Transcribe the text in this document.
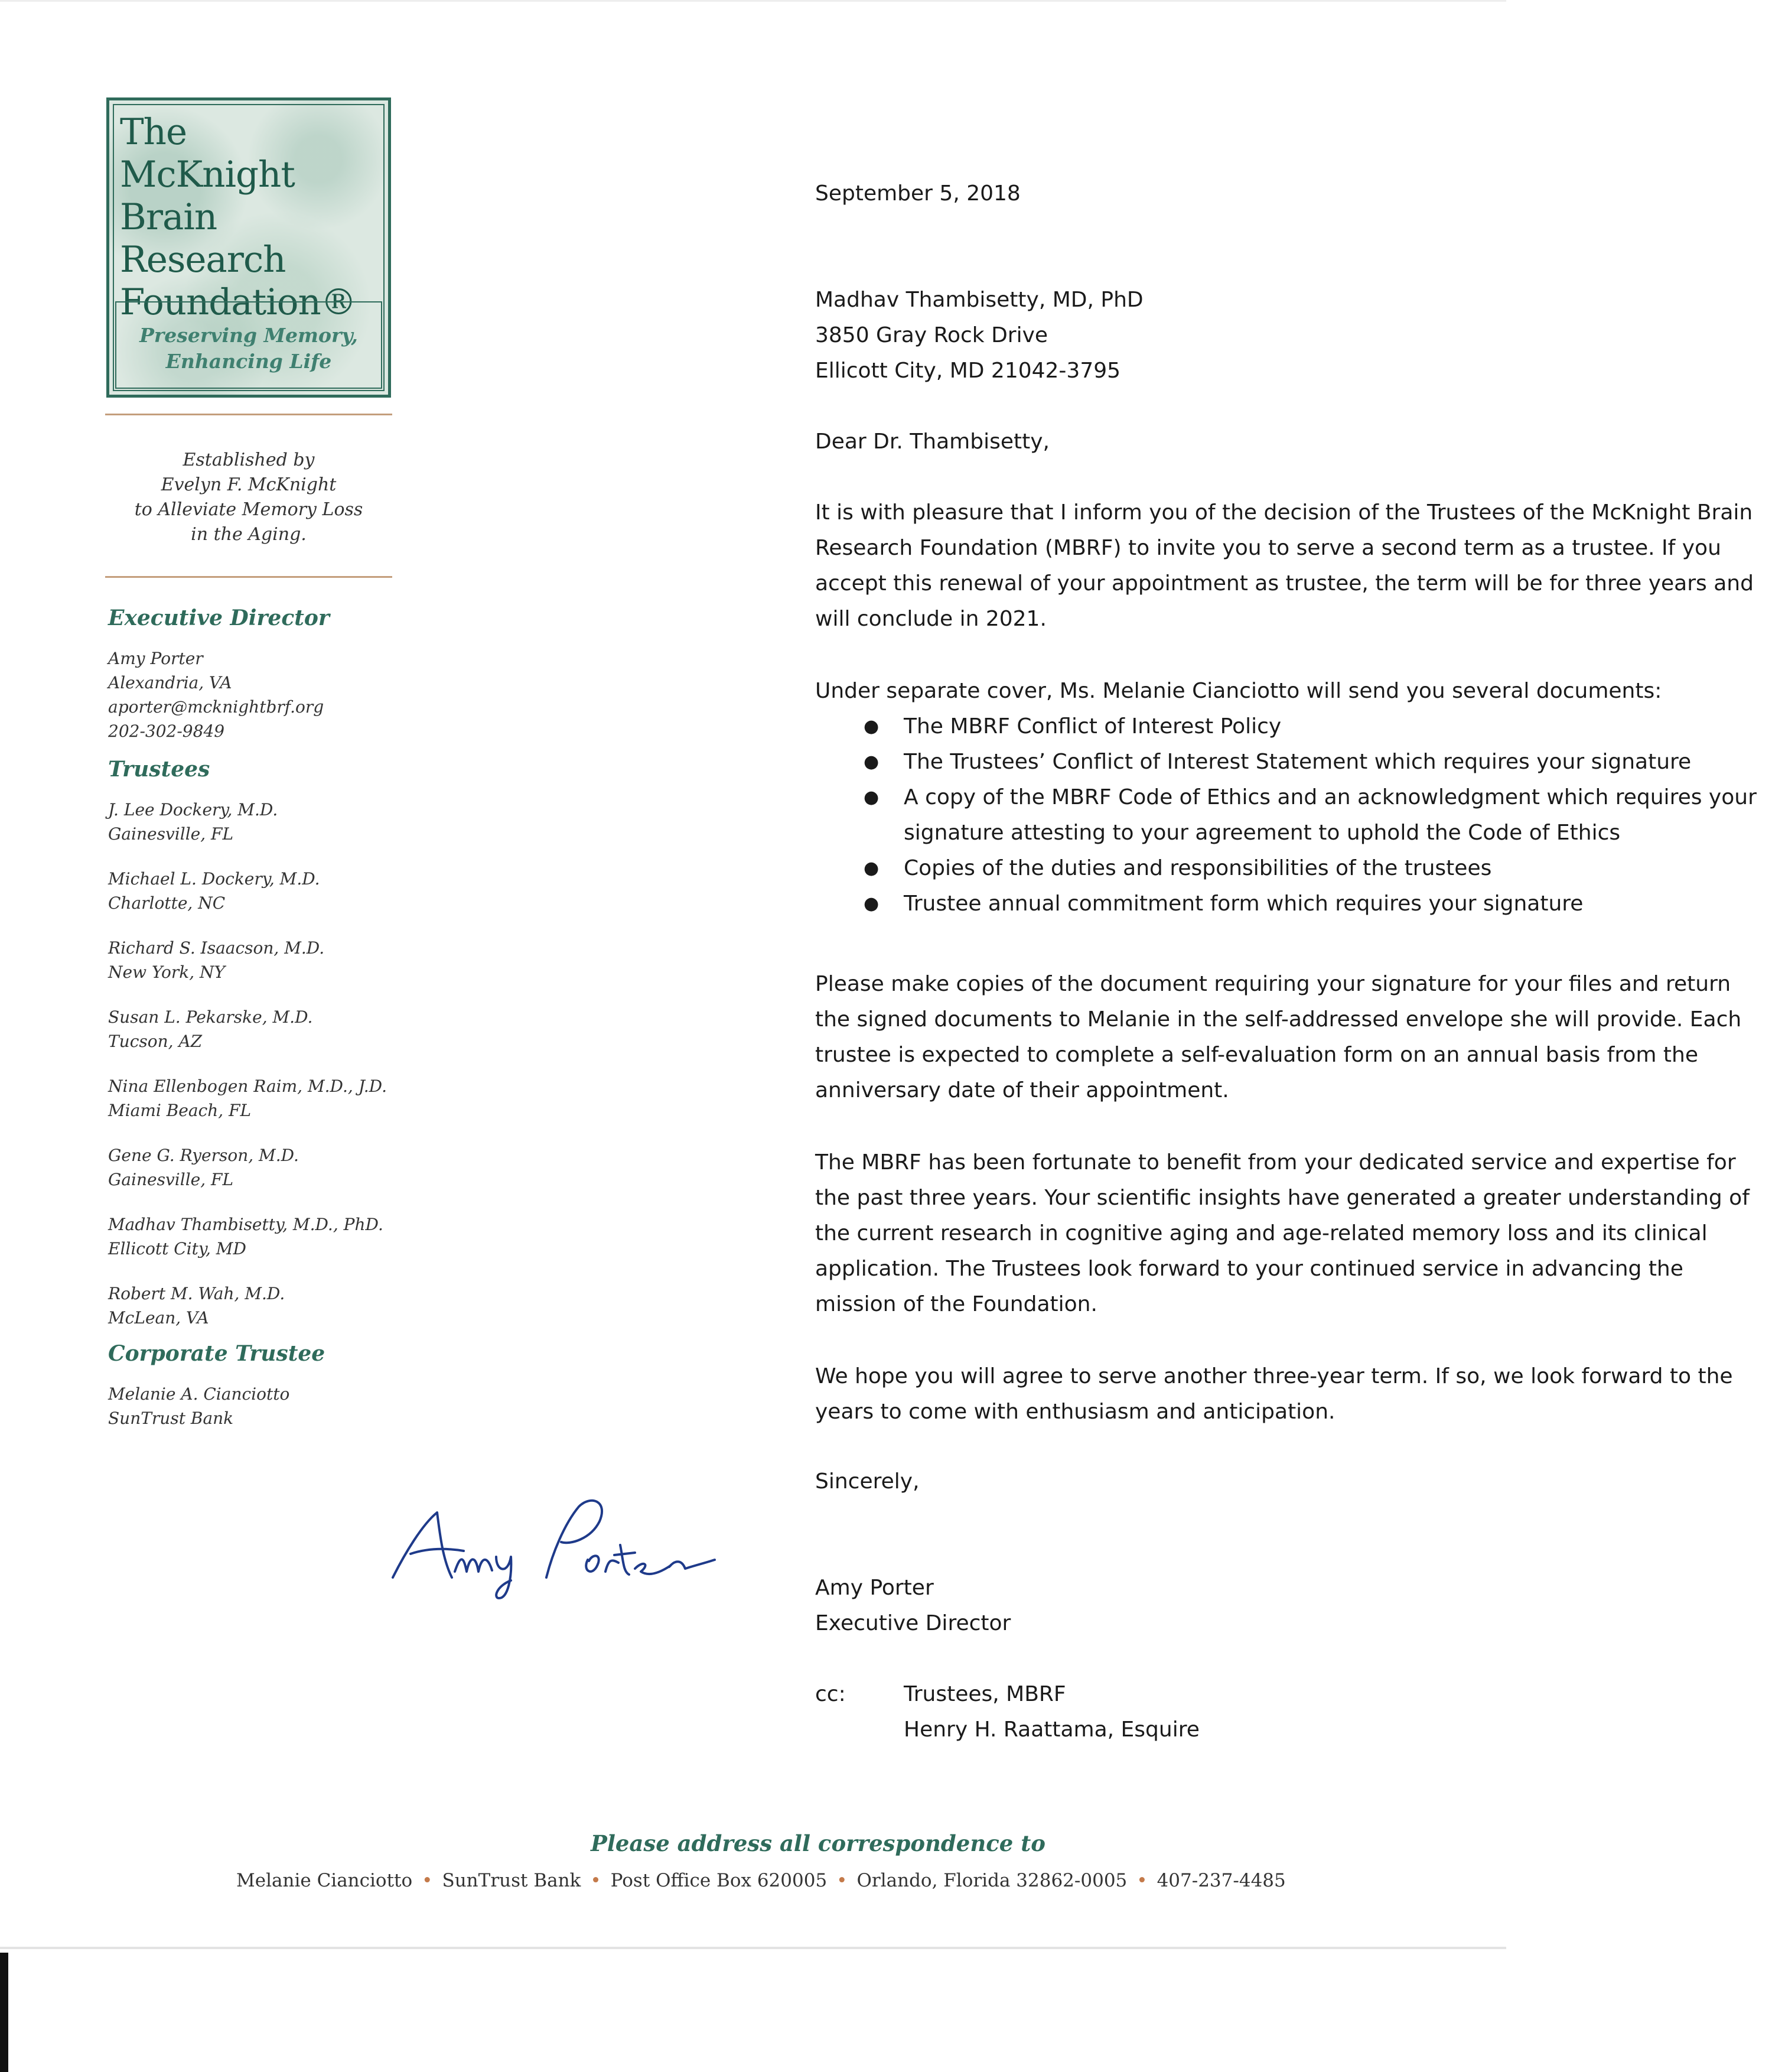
The
McKnight
Brain Research
Foundation®
Preserving Memory,
Enhancing Life
Established by
Evelyn F. McKnight
to Alleviate Memory Loss
in the Aging.
Executive Director
Amy Porter
Alexandria, VA
aporter@mcknightbrf.org
202-302-9849
Trustees
J. Lee Dockery, M.D.
Gainesville, FL
Michael L. Dockery, M.D.
Charlotte, NC
Richard S. Isaacson, M.D.
New York, NY
Susan L. Pekarske, M.D.
Tucson, AZ
Nina Ellenbogen Raim, M.D., J.D.
Miami Beach, FL
Gene G. Ryerson, M.D.
Gainesville, FL
Madhav Thambisetty, M.D., PhD.
Ellicott City, MD
Robert M. Wah, M.D.
McLean, VA
Corporate Trustee
Melanie A. Cianciotto
SunTrust Bank

September 5, 2018

Madhav Thambisetty, MD, PhD

3850 Gray Rock Drive

Ellicott City, MD 21042-3795

Dear Dr. Thambisetty,

It is with pleasure that I inform you of the decision of the Trustees of the McKnight Brain Research Foundation (MBRF) to invite you to serve a second term as a trustee. If you accept this renewal of your appointment as trustee, the term will be for three years and will conclude in 2021.

Under separate cover, Ms. Melanie Cianciotto will send you several documents:

● The MBRF Conflict of Interest Policy
● The Trustees’ Conflict of Interest Statement which requires your signature
● A copy of the MBRF Code of Ethics and an acknowledgment which requires your signature attesting to your agreement to uphold the Code of Ethics
● Copies of the duties and responsibilities of the trustees
● Trustee annual commitment form which requires your signature

Please make copies of the document requiring your signature for your files and return the signed documents to Melanie in the self-addressed envelope she will provide. Each trustee is expected to complete a self-evaluation form on an annual basis from the anniversary date of their appointment.

The MBRF has been fortunate to benefit from your dedicated service and expertise for the past three years. Your scientific insights have generated a greater understanding of the current research in cognitive aging and age-related memory loss and its clinical application. The Trustees look forward to your continued service in advancing the mission of the Foundation.

We hope you will agree to serve another three-year term. If so, we look forward to the years to come with enthusiasm and anticipation.

Sincerely,

Amy Porter

Executive Director

cc:	Trustees, MBRF

Henry H. Raattama, Esquire

Please address all correspondence to
Melanie Cianciotto • SunTrust Bank • Post Office Box 620005 • Orlando, Florida 32862-0005 • 407-237-4485
